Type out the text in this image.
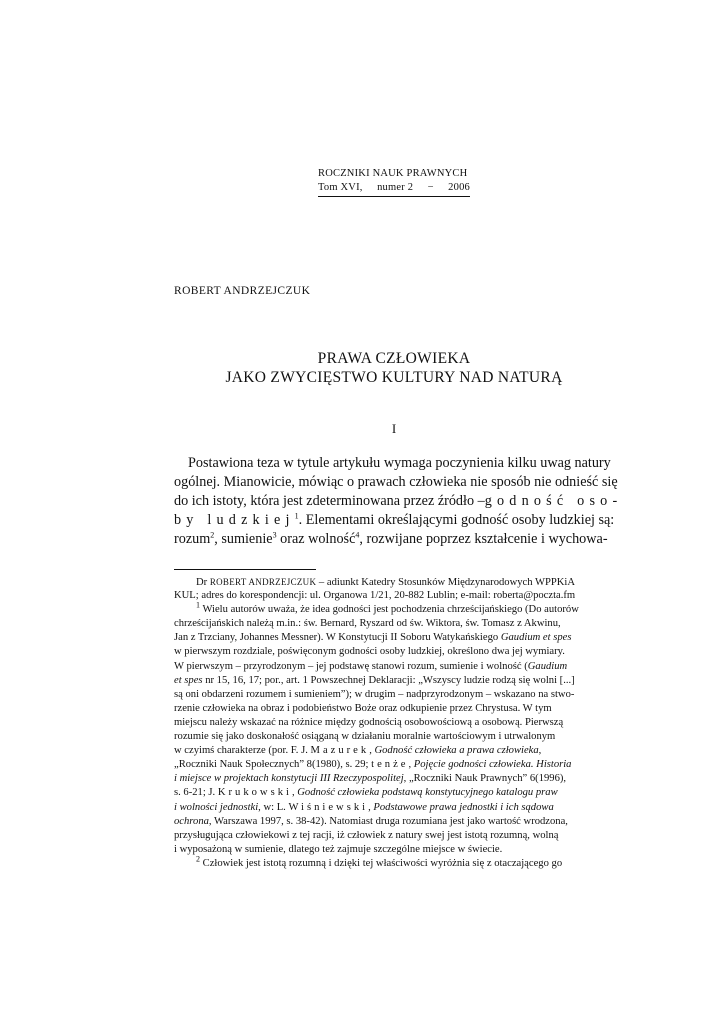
ROCZNIKI NAUK PRAWNYCH
Tom XVI, numer 2 − 2006
ROBERT ANDRZEJCZUK
PRAWA CZŁOWIEKA
JAKO ZWYCIĘSTWO KULTURY NAD NATURĄ
I
Postawiona teza w tytule artykułu wymaga poczynienia kilku uwag natury
ogólnej. Mianowicie, mówiąc o prawach człowieka nie sposób nie odnieść się
do ich istoty, która jest zdeterminowana przez źródło – godność oso-
by ludzkiej$^1$. Elementami określającymi godność osoby ludzkiej są:
rozum$^2$, sumienie$^3$ oraz wolność$^4$, rozwijane poprzez kształcenie i wychowa-
Dr ROBERT ANDRZEJCZUK – adiunkt Katedry Stosunków Międzynarodowych WPPKiA
KUL; adres do korespondencji: ul. Organowa 1/21, 20-882 Lublin; e-mail: roberta@poczta.fm
$^1$ Wielu autorów uważa, że idea godności jest pochodzenia chrześcijańskiego (Do autorów
chrześcijańskich należą m.in.: św. Bernard, Ryszard od św. Wiktora, św. Tomasz z Akwinu,
Jan z Trzciany, Johannes Messner). W Konstytucji II Soboru Watykańskiego Gaudium et spes
w pierwszym rozdziale, poświęconym godności osoby ludzkiej, określono dwa jej wymiary.
W pierwszym – przyrodzonym – jej podstawę stanowi rozum, sumienie i wolność (Gaudium
et spes nr 15, 16, 17; por., art. 1 Powszechnej Deklaracji: „Wszyscy ludzie rodzą się wolni [...]
są oni obdarzeni rozumem i sumieniem”); w drugim – nadprzyrodzonym – wskazano na stwo-
rzenie człowieka na obraz i podobieństwo Boże oraz odkupienie przez Chrystusa. W tym
miejscu należy wskazać na różnice między godnością osobowościową a osobową. Pierwszą
rozumie się jako doskonałość osiąganą w działaniu moralnie wartościowym i utrwalonym
w czyimś charakterze (por. F. J. Mazurek, Godność człowieka a prawa człowieka,
„Roczniki Nauk Społecznych” 8(1980), s. 29; tenże, Pojęcie godności człowieka. Historia
i miejsce w projektach konstytucji III Rzeczypospolitej, „Roczniki Nauk Prawnych” 6(1996),
s. 6-21; J. Krukowski, Godność człowieka podstawą konstytucyjnego katalogu praw
i wolności jednostki, w: L. Wiśniewski, Podstawowe prawa jednostki i ich sądowa
ochrona, Warszawa 1997, s. 38-42). Natomiast druga rozumiana jest jako wartość wrodzona,
przysługująca człowiekowi z tej racji, iż człowiek z natury swej jest istotą rozumną, wolną
i wyposażoną w sumienie, dlatego też zajmuje szczególne miejsce w świecie.
$^2$ Człowiek jest istotą rozumną i dzięki tej właściwości wyróżnia się z otaczającego go
